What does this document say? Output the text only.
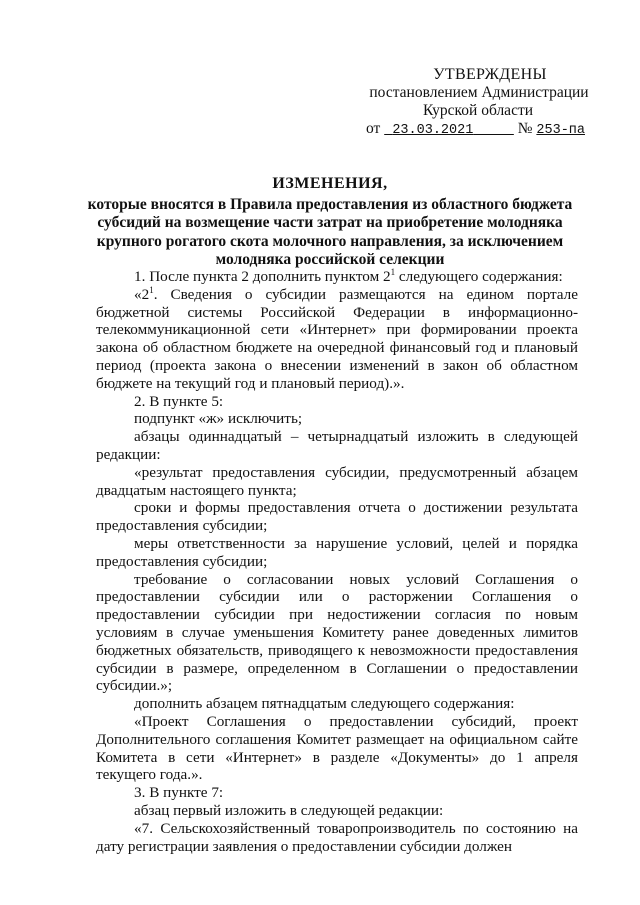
УТВЕРЖДЕНЫ
постановлением Администрации
Курской области
от 23.03.2021	№ 253-па
ИЗМЕНЕНИЯ,
которые вносятся в Правила предоставления из областного бюджета субсидий на возмещение части затрат на приобретение молодняка крупного рогатого скота молочного направления, за исключением молодняка российской селекции

1. После пункта 2 дополнить пунктом $2^1$ следующего содержания:

«$2^1$. Сведения о субсидии размещаются на едином портале бюджетной системы Российской Федерации в информационно-телекоммуникационной сети «Интернет» при формировании проекта закона об областном бюджете на очередной финансовый год и плановый период (проекта закона о внесении изменений в закон об областном бюджете на текущий год и плановый период).».

2. В пункте 5:

подпункт «ж» исключить;

абзацы одиннадцатый – четырнадцатый изложить в следующей редакции:

«результат предоставления субсидии, предусмотренный абзацем двадцатым настоящего пункта;

сроки и формы предоставления отчета о достижении результата предоставления субсидии;

меры ответственности за нарушение условий, целей и порядка предоставления субсидии;

требование о согласовании новых условий Соглашения о предоставлении субсидии или о расторжении Соглашения о предоставлении субсидии при недостижении согласия по новым условиям в случае уменьшения Комитету ранее доведенных лимитов бюджетных обязательств, приводящего к невозможности предоставления субсидии в размере, определенном в Соглашении о предоставлении субсидии.»;

дополнить абзацем пятнадцатым следующего содержания:

«Проект Соглашения о предоставлении субсидий, проект Дополнительного соглашения Комитет размещает на официальном сайте Комитета в сети «Интернет» в разделе «Документы» до 1 апреля текущего года.».

3. В пункте 7:

абзац первый изложить в следующей редакции:

«7. Сельскохозяйственный товаропроизводитель по состоянию на дату регистрации заявления о предоставлении субсидии должен
